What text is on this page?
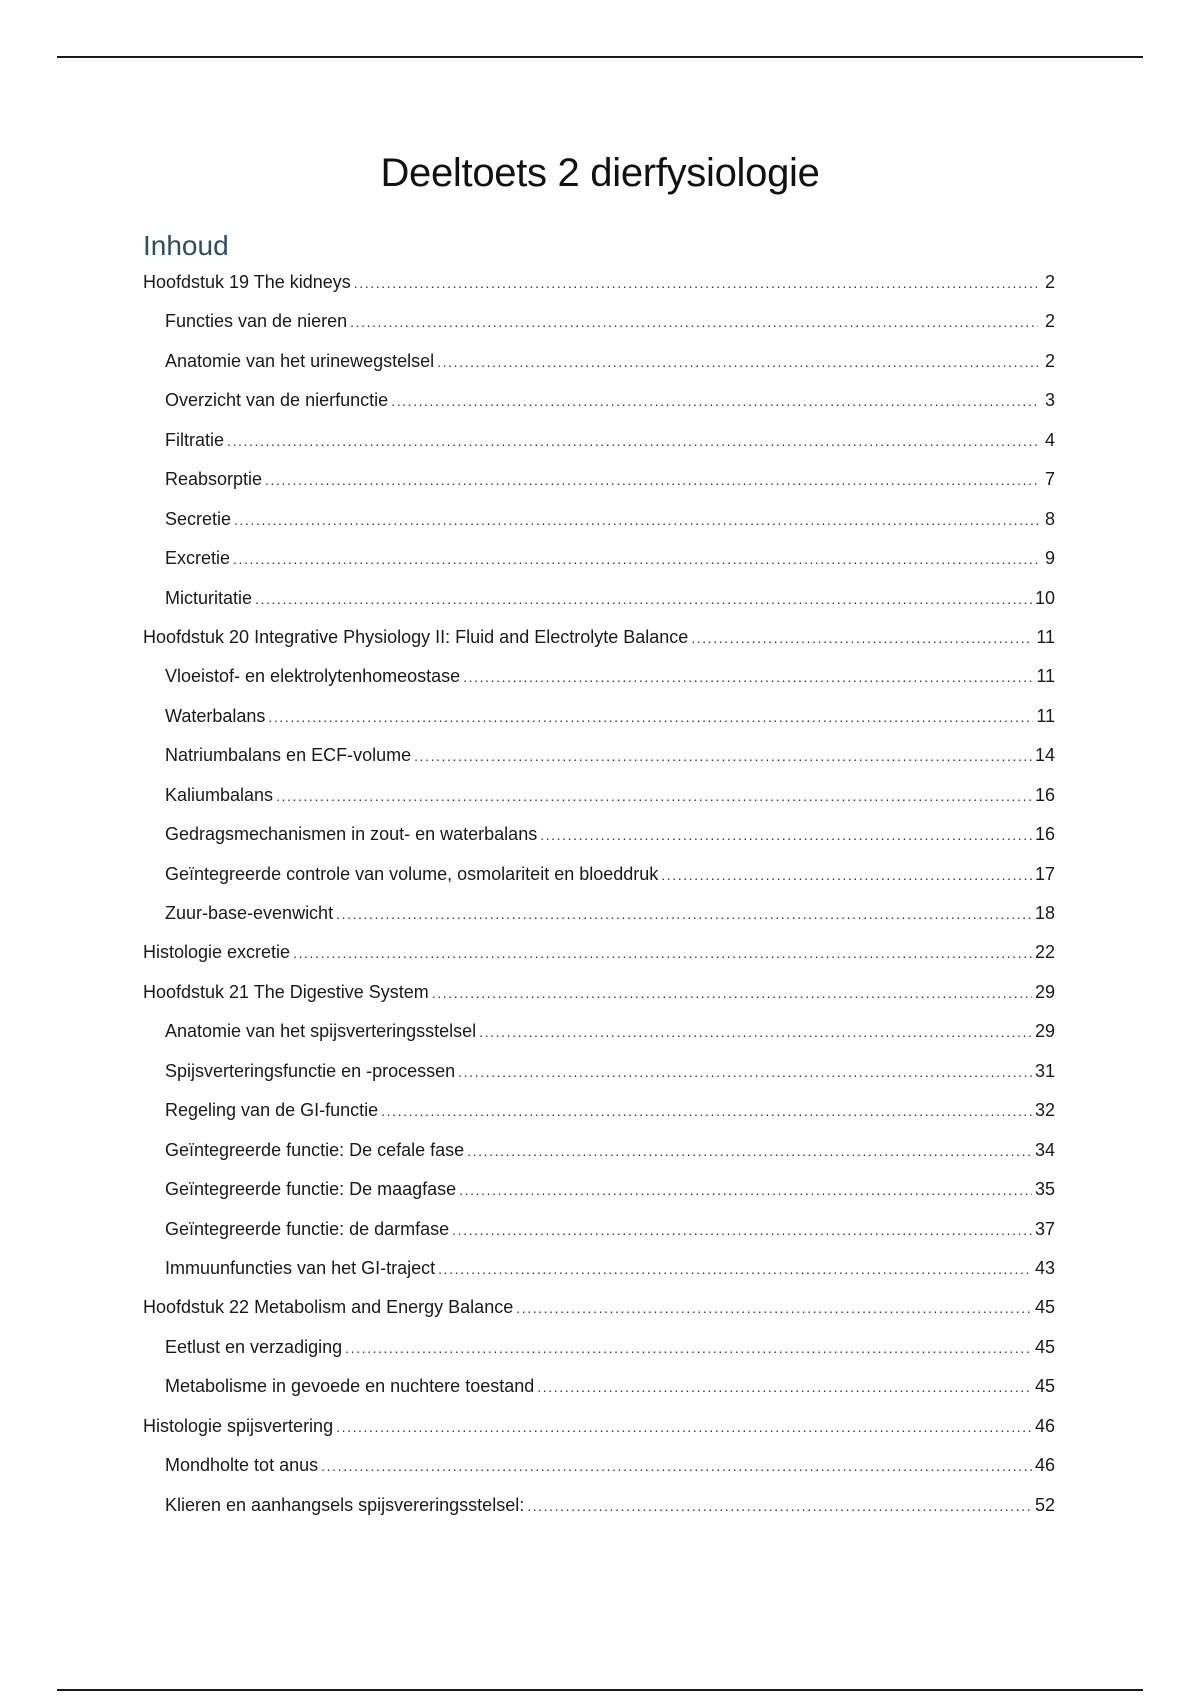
Deeltoets 2 dierfysiologie
Inhoud
Hoofdstuk 19 The kidneys .....	2
Functies van de nieren .....	2
Anatomie van het urinewegstelsel .....	2
Overzicht van de nierfunctie .....	3
Filtratie .....	4
Reabsorptie .....	7
Secretie .....	8
Excretie .....	9
Micturitatie .....	10
Hoofdstuk 20 Integrative Physiology II: Fluid and Electrolyte Balance .....	11
Vloeistof- en elektrolytenhomeostase .....	11
Waterbalans .....	11
Natriumbalans en ECF-volume .....	14
Kaliumbalans .....	16
Gedragsmechanismen in zout- en waterbalans .....	16
Geïntegreerde controle van volume, osmolariteit en bloeddruk .....	17
Zuur-base-evenwicht .....	18
Histologie excretie .....	22
Hoofdstuk 21 The Digestive System .....	29
Anatomie van het spijsverteringsstelsel .....	29
Spijsverteringsfunctie en -processen .....	31
Regeling van de GI-functie .....	32
Geïntegreerde functie: De cefale fase .....	34
Geïntegreerde functie: De maagfase .....	35
Geïntegreerde functie: de darmfase .....	37
Immuunfuncties van het GI-traject .....	43
Hoofdstuk 22 Metabolism and Energy Balance .....	45
Eetlust en verzadiging .....	45
Metabolisme in gevoede en nuchtere toestand .....	45
Histologie spijsvertering .....	46
Mondholte tot anus .....	46
Klieren en aanhangsels spijsvereringsstelsel: .....	52
